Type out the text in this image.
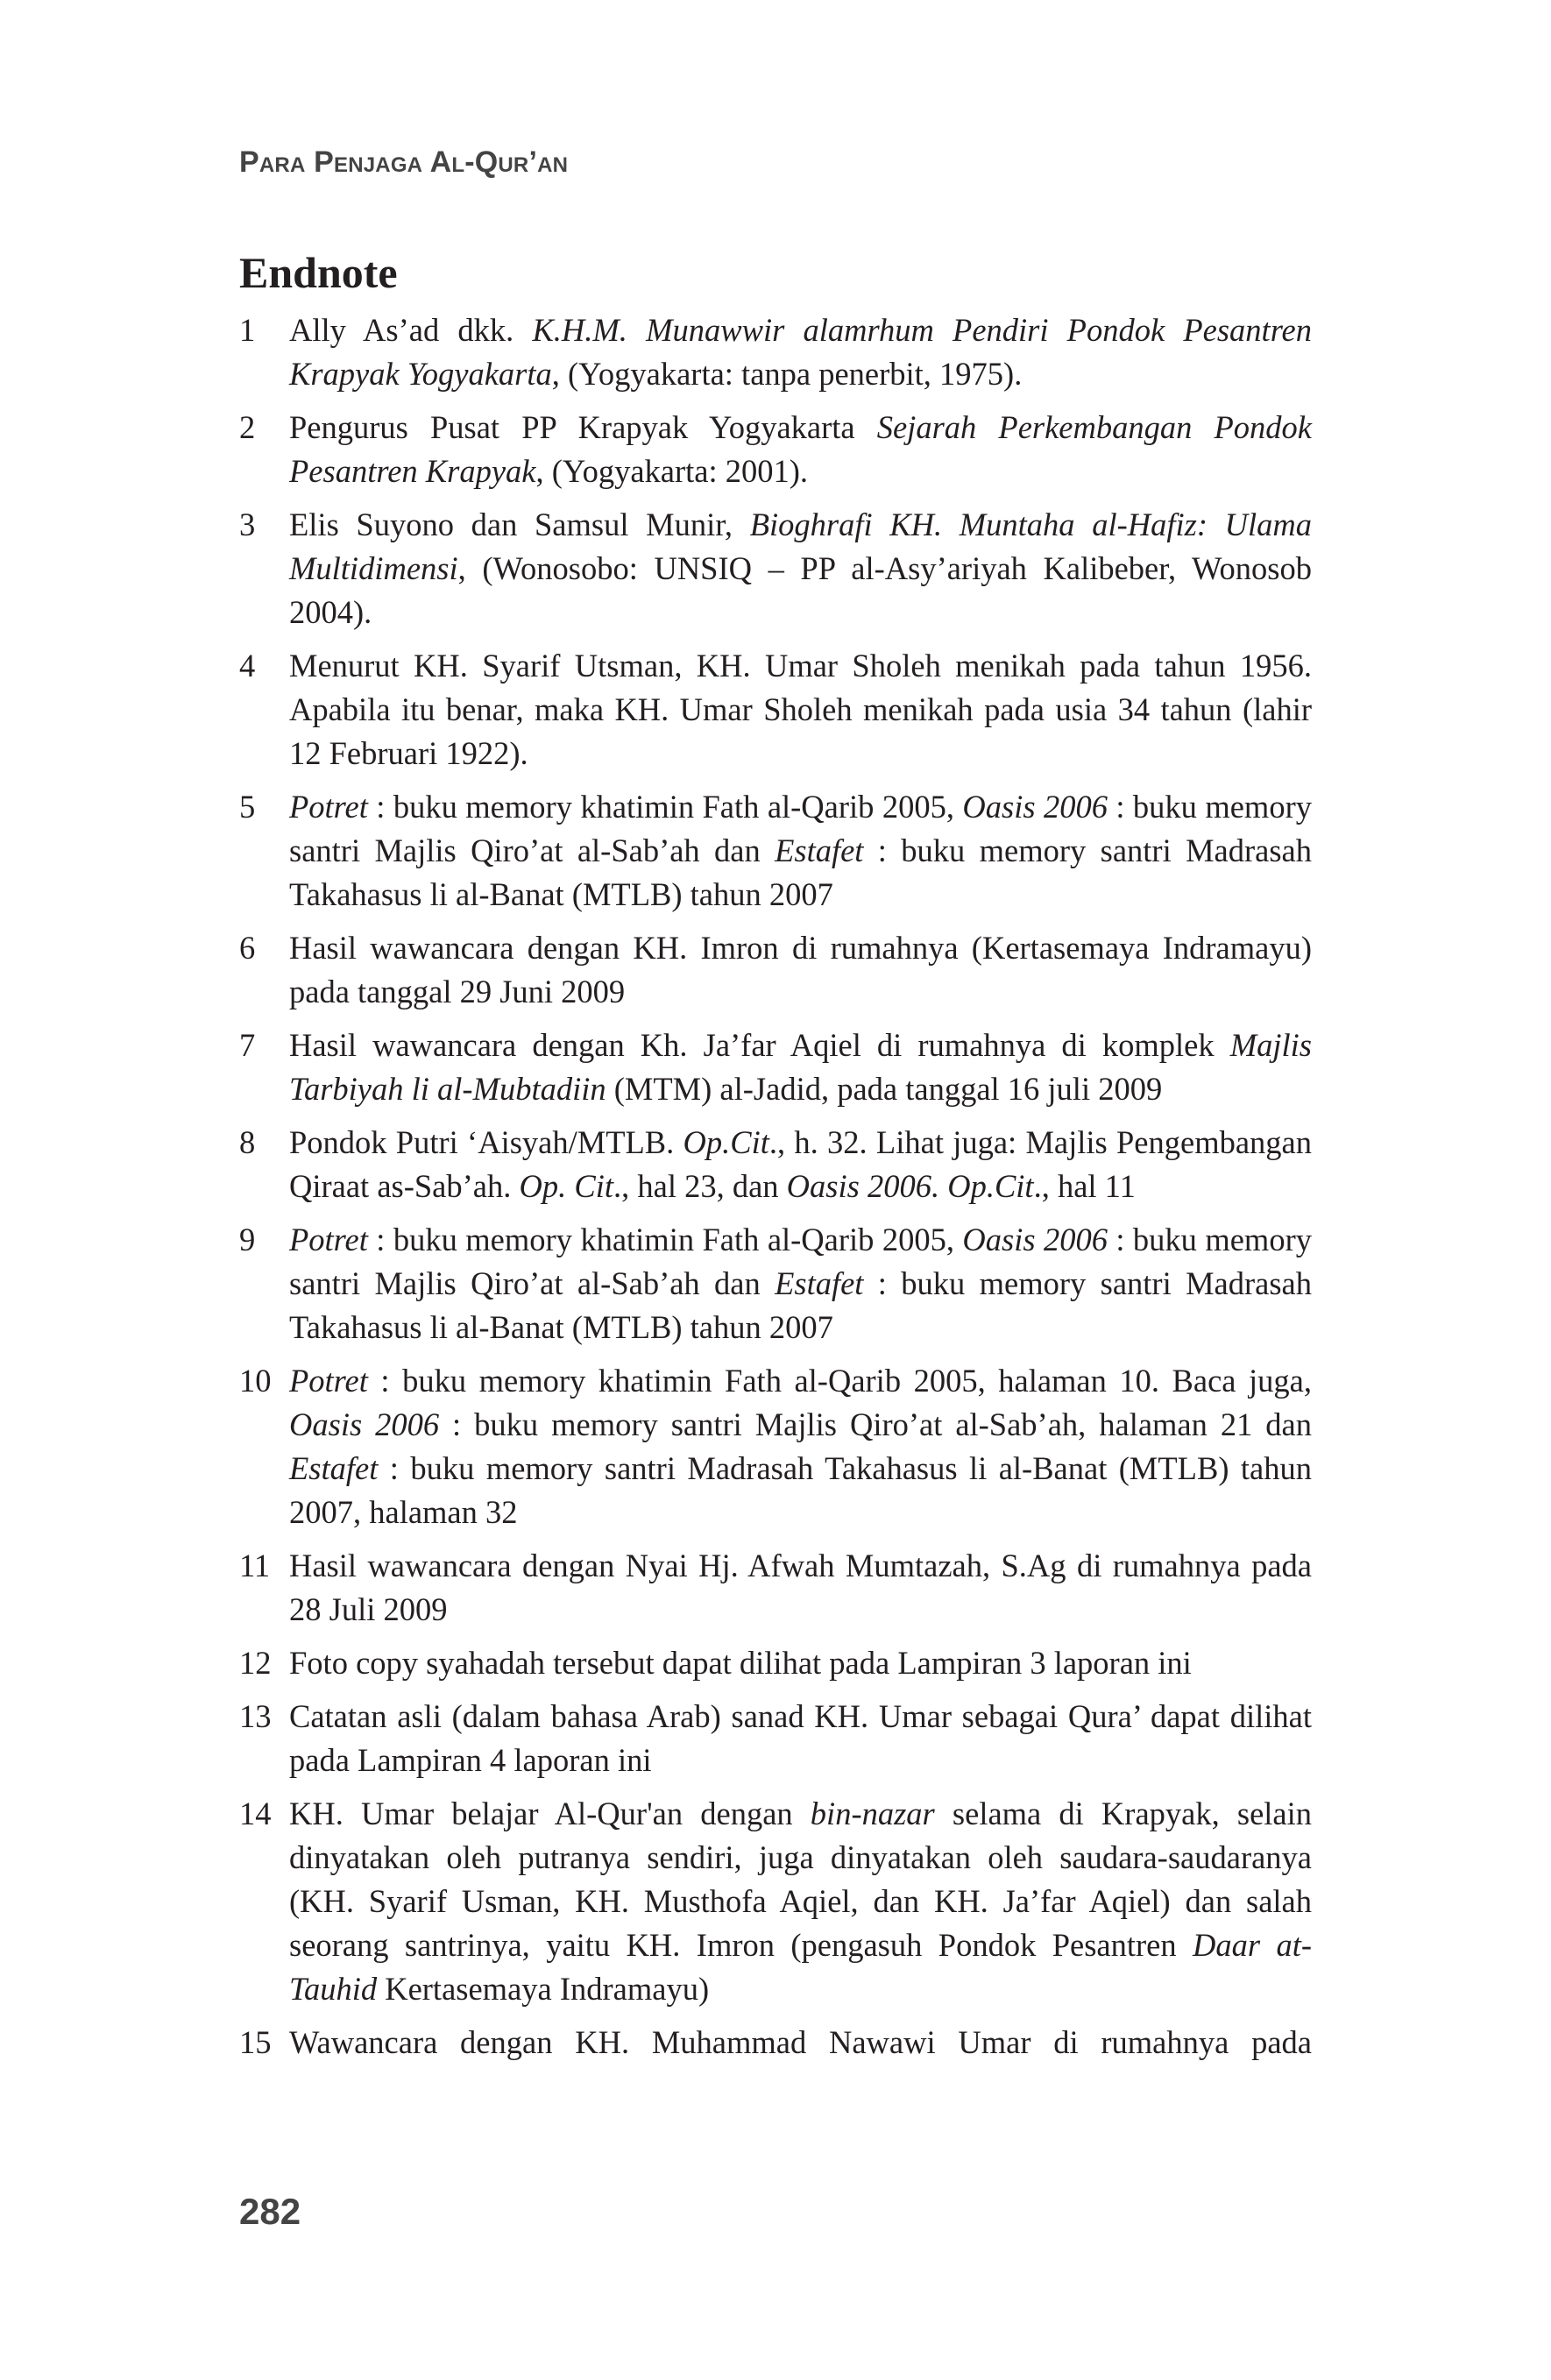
Para Penjaga Al-Qur’an
Endnote
1	Ally As’ad dkk. K.H.M. Munawwir alamrhum Pendiri Pondok Pesantren Krapyak Yogyakarta, (Yogyakarta: tanpa penerbit, 1975).
2	Pengurus Pusat PP Krapyak Yogyakarta Sejarah Perkembangan Pondok Pesantren Krapyak, (Yogyakarta: 2001).
3	Elis Suyono dan Samsul Munir, Bioghrafi KH. Muntaha al-Hafiz: Ulama Multidimensi, (Wonosobo: UNSIQ – PP al-Asy’ariyah Kalibeber, Wonosob 2004).
4	Menurut KH. Syarif Utsman, KH. Umar Sholeh menikah pada tahun 1956. Apabila itu benar, maka KH. Umar Sholeh menikah pada usia 34 tahun (lahir 12 Februari 1922).
5	Potret : buku memory khatimin Fath al-Qarib 2005, Oasis 2006 : buku memory santri Majlis Qiro’at al-Sab’ah dan Estafet : buku memory santri Madrasah Takahasus li al-Banat (MTLB) tahun 2007
6	Hasil wawancara dengan KH. Imron di rumahnya (Kertasemaya Indramayu) pada tanggal 29 Juni 2009
7	Hasil wawancara dengan Kh. Ja’far Aqiel di rumahnya di komplek Majlis Tarbiyah li al-Mubtadiin (MTM) al-Jadid, pada tanggal 16 juli 2009
8	Pondok Putri ‘Aisyah/MTLB. Op.Cit., h. 32. Lihat juga: Majlis Pengembangan Qiraat as-Sab’ah. Op. Cit., hal 23, dan Oasis 2006. Op.Cit., hal 11
9	Potret : buku memory khatimin Fath al-Qarib 2005, Oasis 2006 : buku memory santri Majlis Qiro’at al-Sab’ah dan Estafet : buku memory santri Madrasah Takahasus li al-Banat (MTLB) tahun 2007
10 Potret : buku memory khatimin Fath al-Qarib 2005, halaman 10. Baca juga, Oasis 2006 : buku memory santri Majlis Qiro’at al-Sab’ah, halaman 21 dan Estafet : buku memory santri Madrasah Takahasus li al-Banat (MTLB) tahun 2007, halaman 32
11 Hasil wawancara dengan Nyai Hj. Afwah Mumtazah, S.Ag di rumahnya pada 28 Juli 2009
12 Foto copy syahadah tersebut dapat dilihat pada Lampiran 3 laporan ini
13 Catatan asli (dalam bahasa Arab) sanad KH. Umar sebagai Qura’ dapat dilihat pada Lampiran 4 laporan ini
14 KH. Umar belajar Al-Qur'an dengan bin-nazar selama di Krapyak, selain dinyatakan oleh putranya sendiri, juga dinyatakan oleh saudara-saudaranya (KH. Syarif Usman, KH. Musthofa Aqiel, dan KH. Ja’far Aqiel) dan salah seorang santrinya, yaitu KH. Imron (pengasuh Pondok Pesantren Daar at-Tauhid Kertasemaya Indramayu)
15 Wawancara dengan KH. Muhammad Nawawi Umar di rumahnya pada
282
